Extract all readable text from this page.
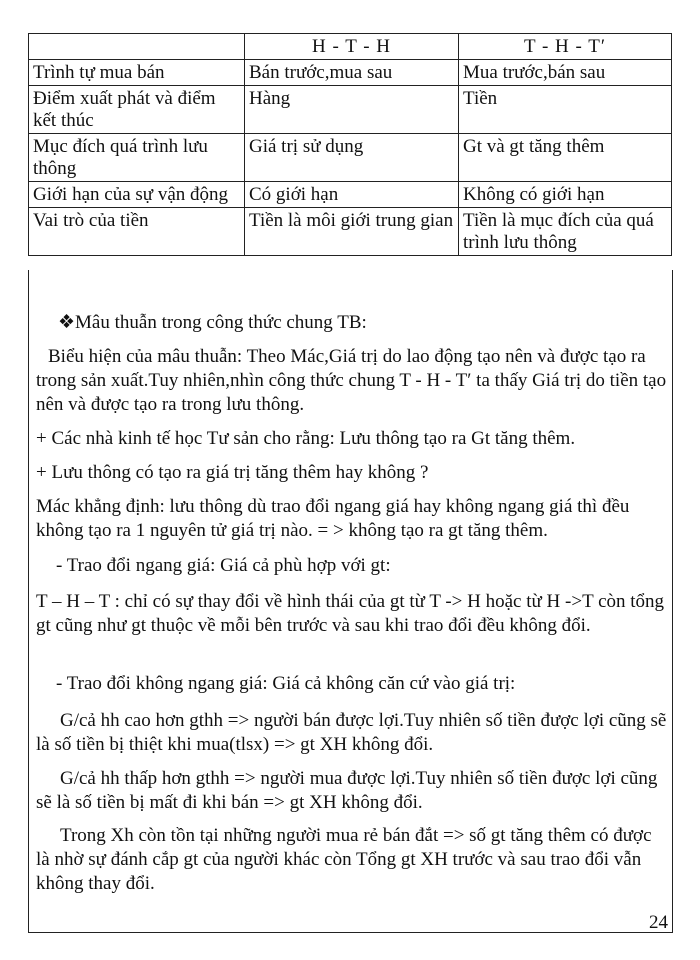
	H - T - H	T - H - T′
Trình tự mua bán	Bán trước,mua sau	Mua trước,bán sau
Điểm xuất phát và điểm kết thúc	Hàng	Tiền
Mục đích quá trình lưu thông	Giá trị sử dụng	Gt và gt tăng thêm
Giới hạn của sự vận động	Có giới hạn	Không có giới hạn
Vai trò của tiền	Tiền là môi giới trung gian	Tiền là mục đích của quá trình lưu thông

❖Mâu thuẫn trong công thức chung TB:

Biểu hiện của mâu thuẫn: Theo Mác,Giá trị do lao động tạo nên và được tạo ra trong sản xuất.Tuy nhiên,nhìn công thức chung T - H - T′ ta thấy Giá trị do tiền tạo nên và được tạo ra trong lưu thông.

+ Các nhà kinh tế học Tư sản cho rằng: Lưu thông tạo ra Gt tăng thêm.

+ Lưu thông có tạo ra giá trị tăng thêm hay không ?

Mác khẳng định: lưu thông dù trao đổi ngang giá hay không ngang giá thì đều không tạo ra 1 nguyên tử giá trị nào. = > không tạo ra gt tăng thêm.

- Trao đổi ngang giá: Giá cả phù hợp với gt:

T – H – T : chỉ có sự thay đổi về hình thái của gt từ T -> H hoặc từ H ->T còn tổng gt cũng như gt thuộc về mỗi bên trước và sau khi trao đổi đều không đổi.

- Trao đổi không ngang giá: Giá cả không căn cứ vào giá trị:

G/cả hh cao hơn gthh => người bán được lợi.Tuy nhiên số tiền được lợi cũng sẽ là số tiền bị thiệt khi mua(tlsx) => gt XH không đổi.

G/cả hh thấp hơn gthh => người mua được lợi.Tuy nhiên số tiền được lợi cũng sẽ là số tiền bị mất đi khi bán => gt XH không đổi.

Trong Xh còn tồn tại những người mua rẻ bán đắt => số gt tăng thêm có được là nhờ sự đánh cắp gt của người khác còn Tổng gt XH trước và sau trao đổi vẫn không thay đổi.

24
